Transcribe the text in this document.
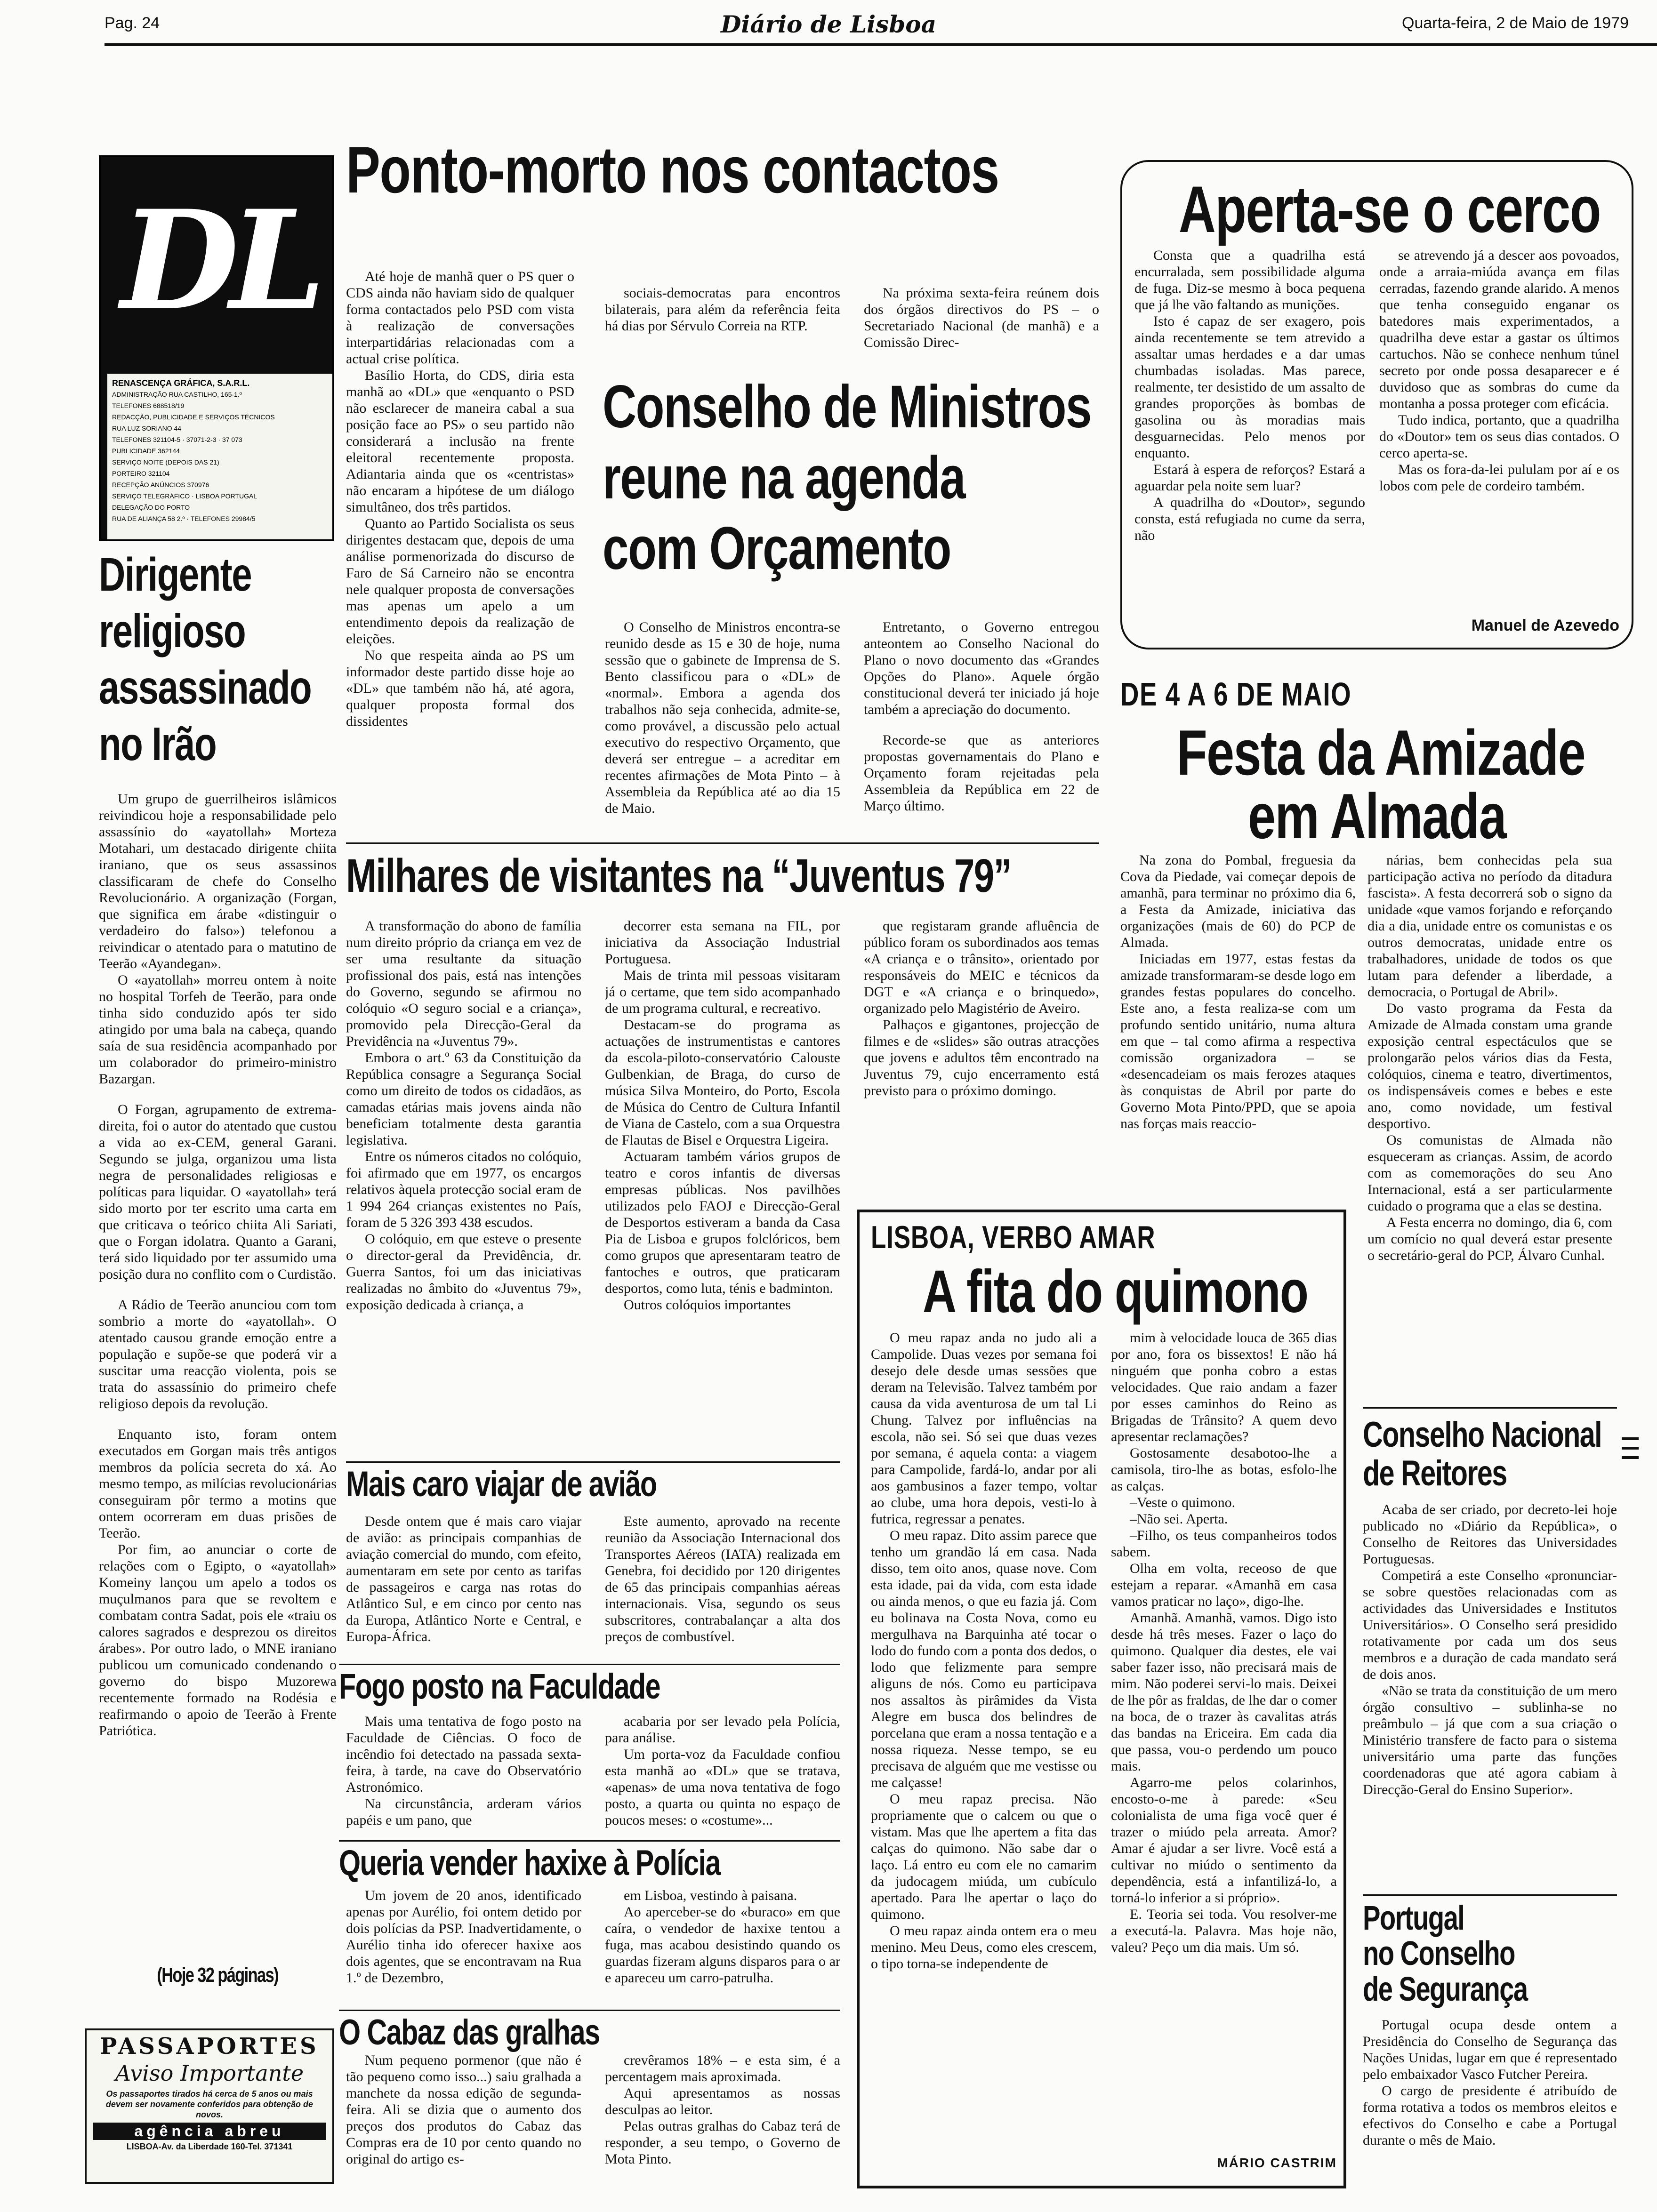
Pag. 24	Diário de Lisboa	Quarta-feira, 2 de Maio de 1979
DL
RENASCENÇA GRÁFICA, S.A.R.L.
ADMINISTRAÇÃO RUA CASTILHO, 165-1.º
TELEFONES 688518/19
REDACÇÃO, PUBLICIDADE E SERVIÇOS TÉCNICOS
RUA LUZ SORIANO 44
TELEFONES 321104-5 · 37071-2-3 · 37 073
PUBLICIDADE 362144
SERVIÇO NOITE (DEPOIS DAS 21)
PORTEIRO 321104
RECEPÇÃO ANÚNCIOS 370976
SERVIÇO TELEGRÁFICO · LISBOA PORTUGAL
DELEGAÇÃO DO PORTO
RUA DE ALIANÇA 58 2.º · TELEFONES 29984/5
Ponto-morto nos contactos

Até hoje de manhã quer o PS quer o CDS ainda não haviam sido de qualquer forma contactados pelo PSD com vista à realização de conversações interpartidárias relacionadas com a actual crise política.

Basílio Horta, do CDS, diria esta manhã ao «DL» que «enquanto o PSD não esclarecer de maneira cabal a sua posição face ao PS» o seu partido não considerará a inclusão na frente eleitoral recentemente proposta. Adiantaria ainda que os «centristas» não encaram a hipótese de um diálogo simultâneo, dos três partidos.

Quanto ao Partido Socialista os seus dirigentes destacam que, depois de uma análise pormenorizada do discurso de Faro de Sá Carneiro não se encontra nele qualquer proposta de conversações mas apenas um apelo a um entendimento depois da realização de eleições.

No que respeita ainda ao PS um informador deste partido disse hoje ao «DL» que também não há, até agora, qualquer proposta formal dos dissidentes

sociais-democratas para encontros bilaterais, para além da referência feita há dias por Sérvulo Correia na RTP.

Na próxima sexta-feira reúnem dois dos órgãos directivos do PS – o Secretariado Nacional (de manhã) e a Comissão Direc-

Conselho de Ministros
reune na agenda
com Orçamento

O Conselho de Ministros encontra-se reunido desde as 15 e 30 de hoje, numa sessão que o gabinete de Imprensa de S. Bento classificou para o «DL» de «normal». Embora a agenda dos trabalhos não seja conhecida, admite-se, como provável, a discussão pelo actual executivo do respectivo Orçamento, que deverá ser entregue – a acreditar em recentes afirmações de Mota Pinto – à Assembleia da República até ao dia 15 de Maio.

Entretanto, o Governo entregou anteontem ao Conselho Nacional do Plano o novo documento das «Grandes Opções do Plano». Aquele órgão constitucional deverá ter iniciado já hoje também a apreciação do documento.

Recorde-se que as anteriores propostas governamentais do Plano e Orçamento foram rejeitadas pela Assembleia da República em 22 de Março último.

Aperta-se o cerco

Consta que a quadrilha está encurralada, sem possibilidade alguma de fuga. Diz-se mesmo à boca pequena que já lhe vão faltando as munições.

Isto é capaz de ser exagero, pois ainda recentemente se tem atrevido a assaltar umas herdades e a dar umas chumbadas isoladas. Mas parece, realmente, ter desistido de um assalto de grandes proporções às bombas de gasolina ou às moradias mais desguarnecidas. Pelo menos por enquanto.

Estará à espera de reforços? Estará a aguardar pela noite sem luar?

A quadrilha do «Doutor», segundo consta, está refugiada no cume da serra, não

se atrevendo já a descer aos povoados, onde a arraia-miúda avança em filas cerradas, fazendo grande alarido. A menos que tenha conseguido enganar os batedores mais experimentados, a quadrilha deve estar a gastar os últimos cartuchos. Não se conhece nenhum túnel secreto por onde possa desaparecer e é duvidoso que as sombras do cume da montanha a possa proteger com eficácia.

Tudo indica, portanto, que a quadrilha do «Doutor» tem os seus dias contados. O cerco aperta-se.

Mas os fora-da-lei pululam por aí e os lobos com pele de cordeiro também.

Manuel de Azevedo
Dirigente
religioso
assassinado
no Irão

Um grupo de guerrilheiros islâmicos reivindicou hoje a responsabilidade pelo assassínio do «ayatollah» Morteza Motahari, um destacado dirigente chiita iraniano, que os seus assassinos classificaram de chefe do Conselho Revolucionário. A organização (Forgan, que significa em árabe «distinguir o verdadeiro do falso») telefonou a reivindicar o atentado para o matutino de Teerão «Ayandegan».

O «ayatollah» morreu ontem à noite no hospital Torfeh de Teerão, para onde tinha sido conduzido após ter sido atingido por uma bala na cabeça, quando saía de sua residência acompanhado por um colaborador do primeiro-ministro Bazargan.

O Forgan, agrupamento de extrema-direita, foi o autor do atentado que custou a vida ao ex-CEM, general Garani. Segundo se julga, organizou uma lista negra de personalidades religiosas e políticas para liquidar. O «ayatollah» terá sido morto por ter escrito uma carta em que criticava o teórico chiita Ali Sariati, que o Forgan idolatra. Quanto a Garani, terá sido liquidado por ter assumido uma posição dura no conflito com o Curdistão.

A Rádio de Teerão anunciou com tom sombrio a morte do «ayatollah». O atentado causou grande emoção entre a população e supõe-se que poderá vir a suscitar uma reacção violenta, pois se trata do assassínio do primeiro chefe religioso depois da revolução.

Enquanto isto, foram ontem executados em Gorgan mais três antigos membros da polícia secreta do xá. Ao mesmo tempo, as milícias revolucionárias conseguiram pôr termo a motins que ontem ocorreram em duas prisões de Teerão.

Por fim, ao anunciar o corte de relações com o Egipto, o «ayatollah» Komeiny lançou um apelo a todos os muçulmanos para que se revoltem e combatam contra Sadat, pois ele «traiu os calores sagrados e desprezou os direitos árabes». Por outro lado, o MNE iraniano publicou um comunicado condenando o governo do bispo Muzorewa recentemente formado na Rodésia e reafirmando o apoio de Teerão à Frente Patriótica.

(Hoje 32 páginas)
PASSAPORTES
Aviso Importante
Os passaportes tirados há cerca de 5 anos ou mais devem ser novamente conferidos para obtenção de novos.
agência abreu
LISBOA-Av. da Liberdade 160-Tel. 371341
Milhares de visitantes na “Juventus 79”

A transformação do abono de família num direito próprio da criança em vez de ser uma resultante da situação profissional dos pais, está nas intenções do Governo, segundo se afirmou no colóquio «O seguro social e a criança», promovido pela Direcção-Geral da Previdência na «Juventus 79».

Embora o art.º 63 da Constituição da República consagre a Segurança Social como um direito de todos os cidadãos, as camadas etárias mais jovens ainda não beneficiam totalmente desta garantia legislativa.

Entre os números citados no colóquio, foi afirmado que em 1977, os encargos relativos àquela protecção social eram de 1 994 264 crianças existentes no País, foram de 5 326 393 438 escudos.

O colóquio, em que esteve o presente o director-geral da Previdência, dr. Guerra Santos, foi um das iniciativas realizadas no âmbito do «Juventus 79», exposição dedicada à criança, a

decorrer esta semana na FIL, por iniciativa da Associação Industrial Portuguesa.

Mais de trinta mil pessoas visitaram já o certame, que tem sido acompanhado de um programa cultural, e recreativo.

Destacam-se do programa as actuações de instrumentistas e cantores da escola-piloto-conservatório Calouste Gulbenkian, de Braga, do curso de música Silva Monteiro, do Porto, Escola de Música do Centro de Cultura Infantil de Viana de Castelo, com a sua Orquestra de Flautas de Bisel e Orquestra Ligeira.

Actuaram também vários grupos de teatro e coros infantis de diversas empresas públicas. Nos pavilhões utilizados pelo FAOJ e Direcção-Geral de Desportos estiveram a banda da Casa Pia de Lisboa e grupos folclóricos, bem como grupos que apresentaram teatro de fantoches e outros, que praticaram desportos, como luta, ténis e badminton.

Outros colóquios importantes

que registaram grande afluência de público foram os subordinados aos temas «A criança e o trânsito», orientado por responsáveis do MEIC e técnicos da DGT e «A criança e o brinquedo», organizado pelo Magistério de Aveiro.

Palhaços e gigantones, projecção de filmes e de «slides» são outras atracções que jovens e adultos têm encontrado na Juventus 79, cujo encerramento está previsto para o próximo domingo.

DE 4 A 6 DE MAIO
Festa da Amizade
em Almada

Na zona do Pombal, freguesia da Cova da Piedade, vai começar depois de amanhã, para terminar no próximo dia 6, a Festa da Amizade, iniciativa das organizações (mais de 60) do PCP de Almada.

Iniciadas em 1977, estas festas da amizade transformaram-se desde logo em grandes festas populares do concelho. Este ano, a festa realiza-se com um profundo sentido unitário, numa altura em que – tal como afirma a respectiva comissão organizadora – se «desencadeiam os mais ferozes ataques às conquistas de Abril por parte do Governo Mota Pinto/PPD, que se apoia nas forças mais reaccio-

nárias, bem conhecidas pela sua participação activa no período da ditadura fascista». A festa decorrerá sob o signo da unidade «que vamos forjando e reforçando dia a dia, unidade entre os comunistas e os outros democratas, unidade entre os trabalhadores, unidade de todos os que lutam para defender a liberdade, a democracia, o Portugal de Abril».

Do vasto programa da Festa da Amizade de Almada constam uma grande exposição central espectáculos que se prolongarão pelos vários dias da Festa, colóquios, cinema e teatro, divertimentos, os indispensáveis comes e bebes e este ano, como novidade, um festival desportivo.

Os comunistas de Almada não esqueceram as crianças. Assim, de acordo com as comemorações do seu Ano Internacional, está a ser particularmente cuidado o programa que a elas se destina.

A Festa encerra no domingo, dia 6, com um comício no qual deverá estar presente o secretário-geral do PCP, Álvaro Cunhal.

Mais caro viajar de avião

Desde ontem que é mais caro viajar de avião: as principais companhias de aviação comercial do mundo, com efeito, aumentaram em sete por cento as tarifas de passageiros e carga nas rotas do Atlântico Sul, e em cinco por cento nas da Europa, Atlântico Norte e Central, e Europa-África.

Este aumento, aprovado na recente reunião da Associação Internacional dos Transportes Aéreos (IATA) realizada em Genebra, foi decidido por 120 dirigentes de 65 das principais companhias aéreas internacionais. Visa, segundo os seus subscritores, contrabalançar a alta dos preços de combustível.

Fogo posto na Faculdade

Mais uma tentativa de fogo posto na Faculdade de Ciências. O foco de incêndio foi detectado na passada sexta-feira, à tarde, na cave do Observatório Astronómico.

Na circunstância, arderam vários papéis e um pano, que

acabaria por ser levado pela Polícia, para análise.

Um porta-voz da Faculdade confiou esta manhã ao «DL» que se tratava, «apenas» de uma nova tentativa de fogo posto, a quarta ou quinta no espaço de poucos meses: o «costume»...

Queria vender haxixe à Polícia

Um jovem de 20 anos, identificado apenas por Aurélio, foi ontem detido por dois polícias da PSP. Inadvertidamente, o Aurélio tinha ido oferecer haxixe aos dois agentes, que se encontravam na Rua 1.º de Dezembro,

em Lisboa, vestindo à paisana.

Ao aperceber-se do «buraco» em que caíra, o vendedor de haxixe tentou a fuga, mas acabou desistindo quando os guardas fizeram alguns disparos para o ar e apareceu um carro-patrulha.

O Cabaz das gralhas

Num pequeno pormenor (que não é tão pequeno como isso...) saiu gralhada a manchete da nossa edição de segunda-feira. Ali se dizia que o aumento dos preços dos produtos do Cabaz das Compras era de 10 por cento quando no original do artigo es-

crevêramos 18% – e esta sim, é a percentagem mais aproximada.

Aqui apresentamos as nossas desculpas ao leitor.

Pelas outras gralhas do Cabaz terá de responder, a seu tempo, o Governo de Mota Pinto.

LISBOA, VERBO AMAR
A fita do quimono

O meu rapaz anda no judo ali a Campolide. Duas vezes por semana foi desejo dele desde umas sessões que deram na Televisão. Talvez também por causa da vida aventurosa de um tal Li Chung. Talvez por influências na escola, não sei. Só sei que duas vezes por semana, é aquela conta: a viagem para Campolide, fardá-lo, andar por ali aos gambusinos a fazer tempo, voltar ao clube, uma hora depois, vesti-lo à futrica, regressar a penates.

O meu rapaz. Dito assim parece que tenho um grandão lá em casa. Nada disso, tem oito anos, quase nove. Com esta idade, pai da vida, com esta idade ou ainda menos, o que eu fazia já. Com eu bolinava na Costa Nova, como eu mergulhava na Barquinha até tocar o lodo do fundo com a ponta dos dedos, o lodo que felizmente para sempre aliguns de nós. Como eu participava nos assaltos às pirâmides da Vista Alegre em busca dos belindres de porcelana que eram a nossa tentação e a nossa riqueza. Nesse tempo, se eu precisava de alguém que me vestisse ou me calçasse!

O meu rapaz precisa. Não propriamente que o calcem ou que o vistam. Mas que lhe apertem a fita das calças do quimono. Não sabe dar o laço. Lá entro eu com ele no camarim da judocagem miúda, um cubículo apertado. Para lhe apertar o laço do quimono.

O meu rapaz ainda ontem era o meu menino. Meu Deus, como eles crescem, o tipo torna-se independente de

mim à velocidade louca de 365 dias por ano, fora os bissextos! E não há ninguém que ponha cobro a estas velocidades. Que raio andam a fazer por esses caminhos do Reino as Brigadas de Trânsito? A quem devo apresentar reclamações?

Gostosamente desabotoo-lhe a camisola, tiro-lhe as botas, esfolo-lhe as calças.

–Veste o quimono.

–Não sei. Aperta.

–Filho, os teus companheiros todos sabem.

Olha em volta, receoso de que estejam a reparar. «Amanhã em casa vamos praticar no laço», digo-lhe.

Amanhã. Amanhã, vamos. Digo isto desde há três meses. Fazer o laço do quimono. Qualquer dia destes, ele vai saber fazer isso, não precisará mais de mim. Não poderei servi-lo mais. Deixei de lhe pôr as fraldas, de lhe dar o comer na boca, de o trazer às cavalitas atrás das bandas na Ericeira. Em cada dia que passa, vou-o perdendo um pouco mais.

Agarro-me pelos colarinhos, encosto-o-me à parede: «Seu colonialista de uma figa você quer é trazer o miúdo pela arreata. Amor? Amar é ajudar a ser livre. Você está a cultivar no miúdo o sentimento da dependência, está a infantilizá-lo, a torná-lo inferior a si próprio».

E. Teoria sei toda. Vou resolver-me a executá-la. Palavra. Mas hoje não, valeu? Peço um dia mais. Um só.

MÁRIO CASTRIM
Conselho Nacional
de Reitores

Acaba de ser criado, por decreto-lei hoje publicado no «Diário da República», o Conselho de Reitores das Universidades Portuguesas.

Competirá a este Conselho «pronunciar-se sobre questões relacionadas com as actividades das Universidades e Institutos Universitários». O Conselho será presidido rotativamente por cada um dos seus membros e a duração de cada mandato será de dois anos.

«Não se trata da constituição de um mero órgão consultivo – sublinha-se no preâmbulo – já que com a sua criação o Ministério transfere de facto para o sistema universitário uma parte das funções coordenadoras que até agora cabiam à Direcção-Geral do Ensino Superior».

Portugal
no Conselho
de Segurança

Portugal ocupa desde ontem a Presidência do Conselho de Segurança das Nações Unidas, lugar em que é representado pelo embaixador Vasco Futcher Pereira.

O cargo de presidente é atribuído de forma rotativa a todos os membros eleitos e efectivos do Conselho e cabe a Portugal durante o mês de Maio.
